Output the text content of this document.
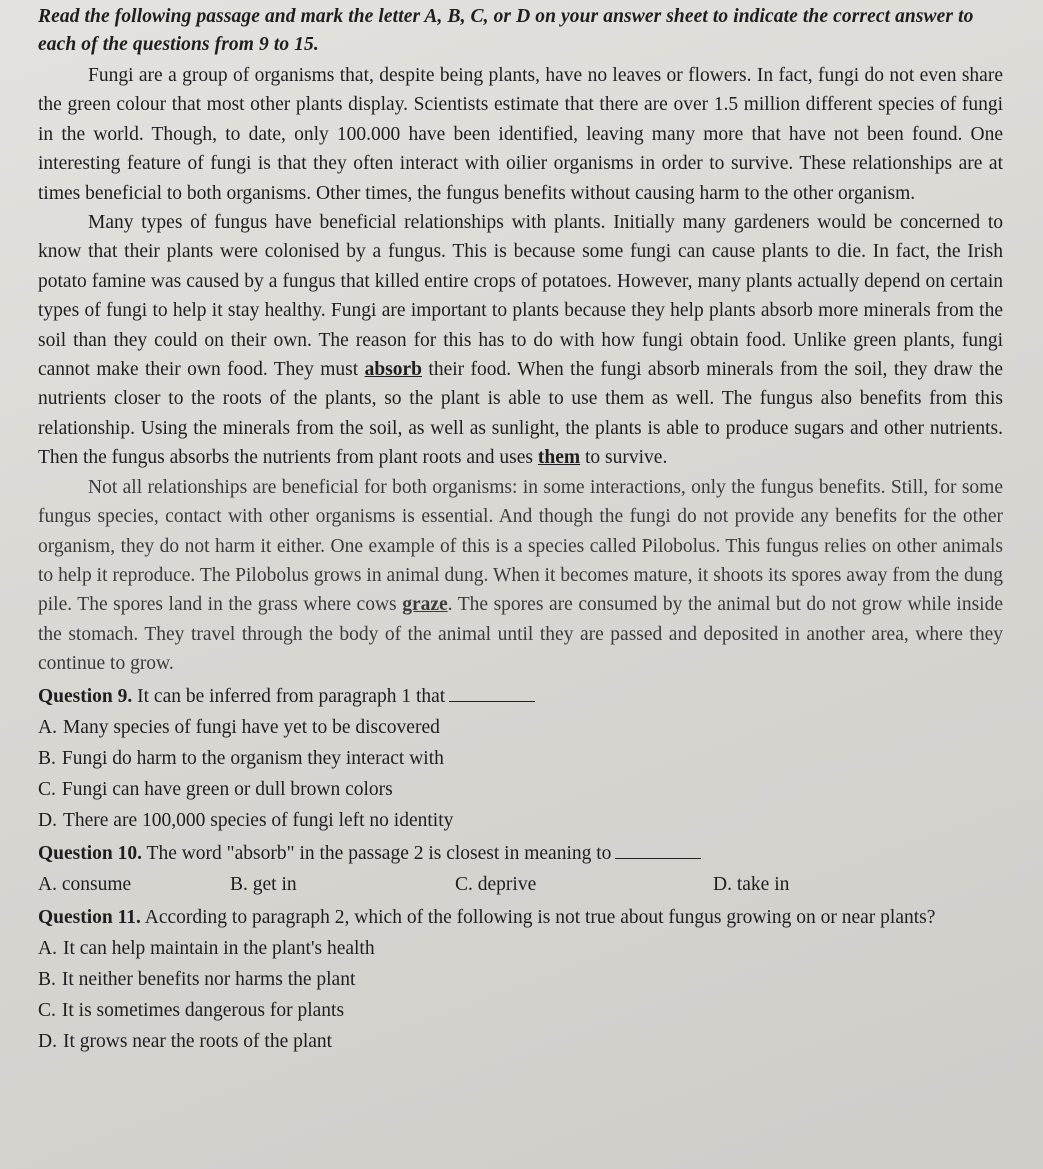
Read the following passage and mark the letter A, B, C, or D on your answer sheet to indicate the correct answer to each of the questions from 9 to 15.

Fungi are a group of organisms that, despite being plants, have no leaves or flowers. In fact, fungi do not even share the green colour that most other plants display. Scientists estimate that there are over 1.5 million different species of fungi in the world. Though, to date, only 100.000 have been identified, leaving many more that have not been found. One interesting feature of fungi is that they often interact with oilier organisms in order to survive. These relationships are at times beneficial to both organisms. Other times, the fungus benefits without causing harm to the other organism.

Many types of fungus have beneficial relationships with plants. Initially many gardeners would be concerned to know that their plants were colonised by a fungus. This is because some fungi can cause plants to die. In fact, the Irish potato famine was caused by a fungus that killed entire crops of potatoes. However, many plants actually depend on certain types of fungi to help it stay healthy. Fungi are important to plants because they help plants absorb more minerals from the soil than they could on their own. The reason for this has to do with how fungi obtain food. Unlike green plants, fungi cannot make their own food. They must absorb their food. When the fungi absorb minerals from the soil, they draw the nutrients closer to the roots of the plants, so the plant is able to use them as well. The fungus also benefits from this relationship. Using the minerals from the soil, as well as sunlight, the plants is able to produce sugars and other nutrients. Then the fungus absorbs the nutrients from plant roots and uses them to survive.

Not all relationships are beneficial for both organisms: in some interactions, only the fungus benefits. Still, for some fungus species, contact with other organisms is essential. And though the fungi do not provide any benefits for the other organism, they do not harm it either. One example of this is a species called Pilobolus. This fungus relies on other animals to help it reproduce. The Pilobolus grows in animal dung. When it becomes mature, it shoots its spores away from the dung pile. The spores land in the grass where cows graze. The spores are consumed by the animal but do not grow while inside the stomach. They travel through the body of the animal until they are passed and deposited in another area, where they continue to grow.

Question 9. It can be inferred from paragraph 1 that
A. Many species of fungi have yet to be discovered
B. Fungi do harm to the organism they interact with
C. Fungi can have green or dull brown colors
D. There are 100,000 species of fungi left no identity
Question 10. The word "absorb" in the passage 2 is closest in meaning to
A. consume	B. get in	C. deprive	D. take in
Question 11. According to paragraph 2, which of the following is not true about fungus growing on or near plants?
A. It can help maintain in the plant's health
B. It neither benefits nor harms the plant
C. It is sometimes dangerous for plants
D. It grows near the roots of the plant
